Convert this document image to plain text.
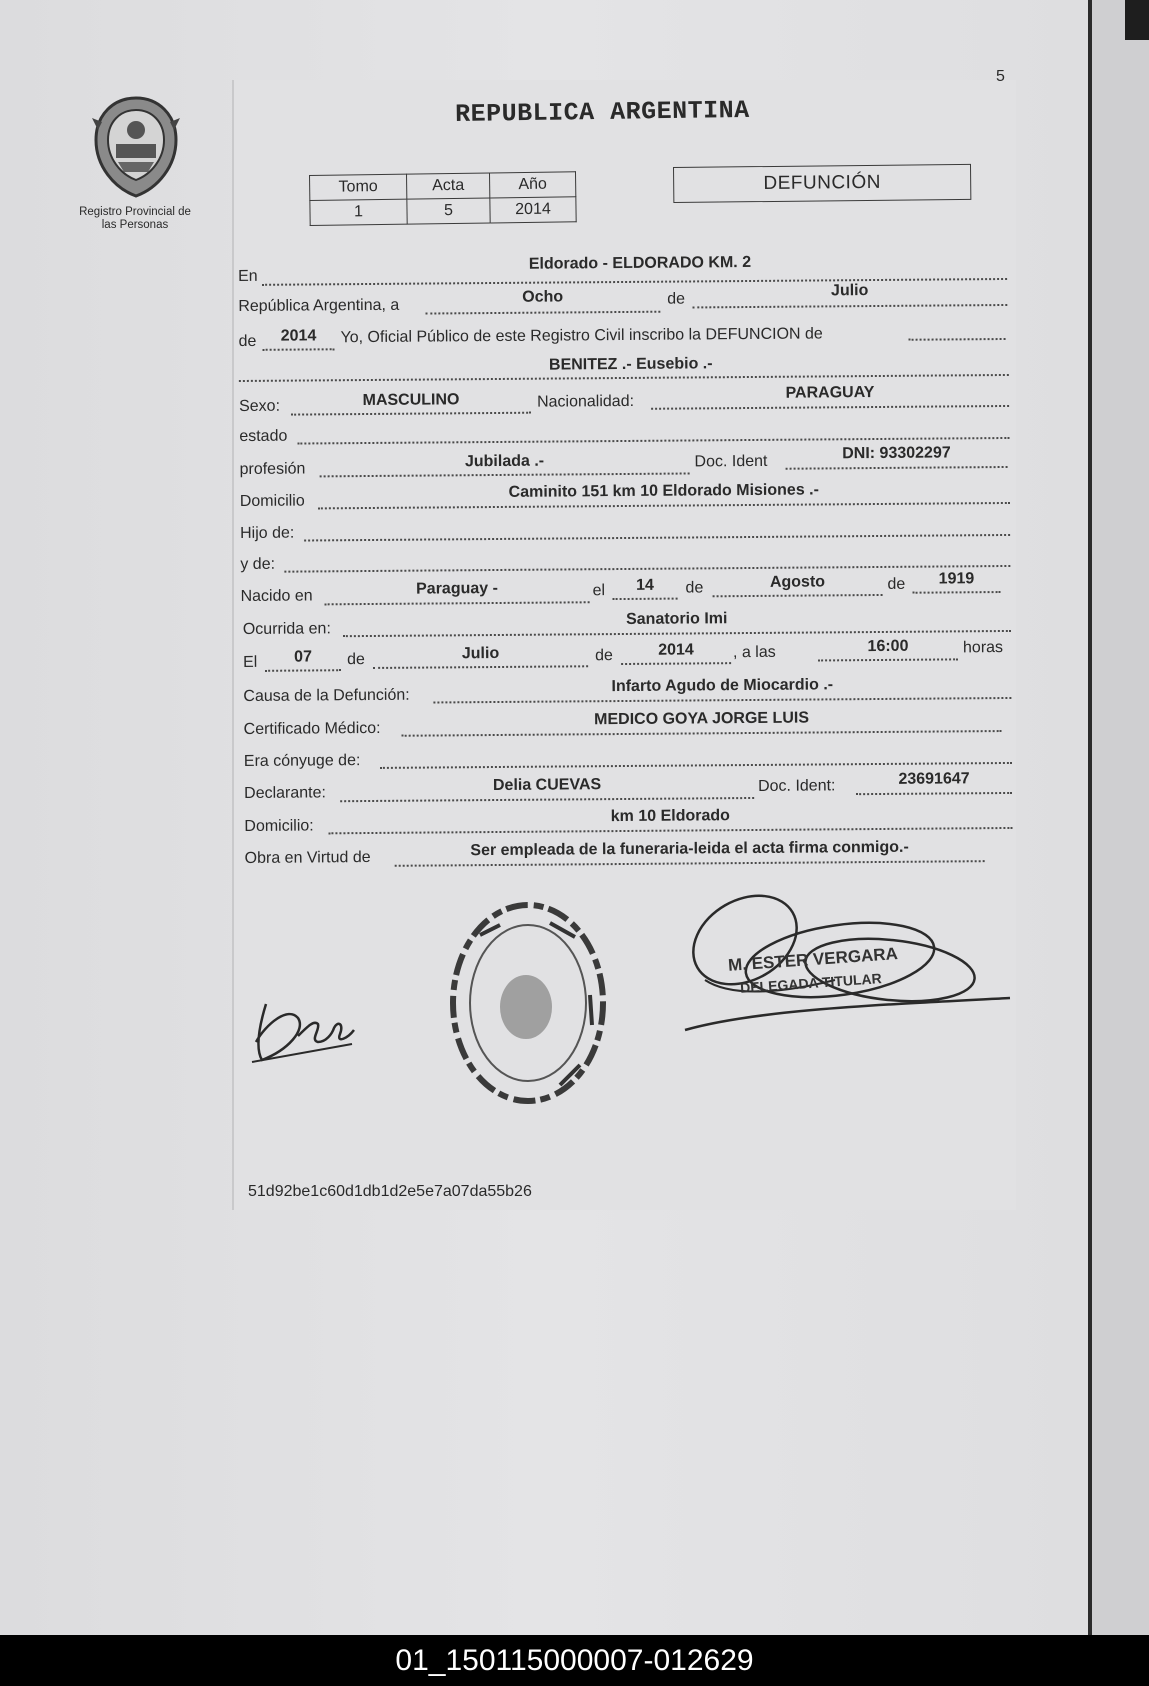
5
Registro Provincial de
las Personas
REPUBLICA ARGENTINA
Tomo	Acta	Año
1	5	2014
DEFUNCIÓN
En
Eldorado - ELDORADO KM. 2
República Argentina, a	Ocho	de	Julio
de	2014	Yo, Oficial Público de este Registro Civil inscribo la DEFUNCION de
BENITEZ .- Eusebio .-
Sexo:	MASCULINO	Nacionalidad:
PARAGUAY
estado
profesión	Jubilada .-	Doc. Ident	DNI: 93302297
Domicilio
Caminito 151 km 10 Eldorado Misiones .-
Hijo de:
y de:
Nacido en	Paraguay -	el	14	de	Agosto	de	1919
Ocurrida en:
Sanatorio Imi
El	07	de	Julio	de	2014	, a las	16:00	horas
Causa de la Defunción:
Infarto Agudo de Miocardio .-
Certificado Médico:
MEDICO GOYA JORGE LUIS
Era cónyuge de:
Declarante:	Delia CUEVAS	Doc. Ident:	23691647
Domicilio:
km 10 Eldorado
Obra en Virtud de	Ser empleada de la funeraria-leida el acta firma conmigo.-
M. ESTER VERGARA
DELEGADA TITULAR
51d92be1c60d1db1d2e5e7a07da55b26
01_150115000007-012629
